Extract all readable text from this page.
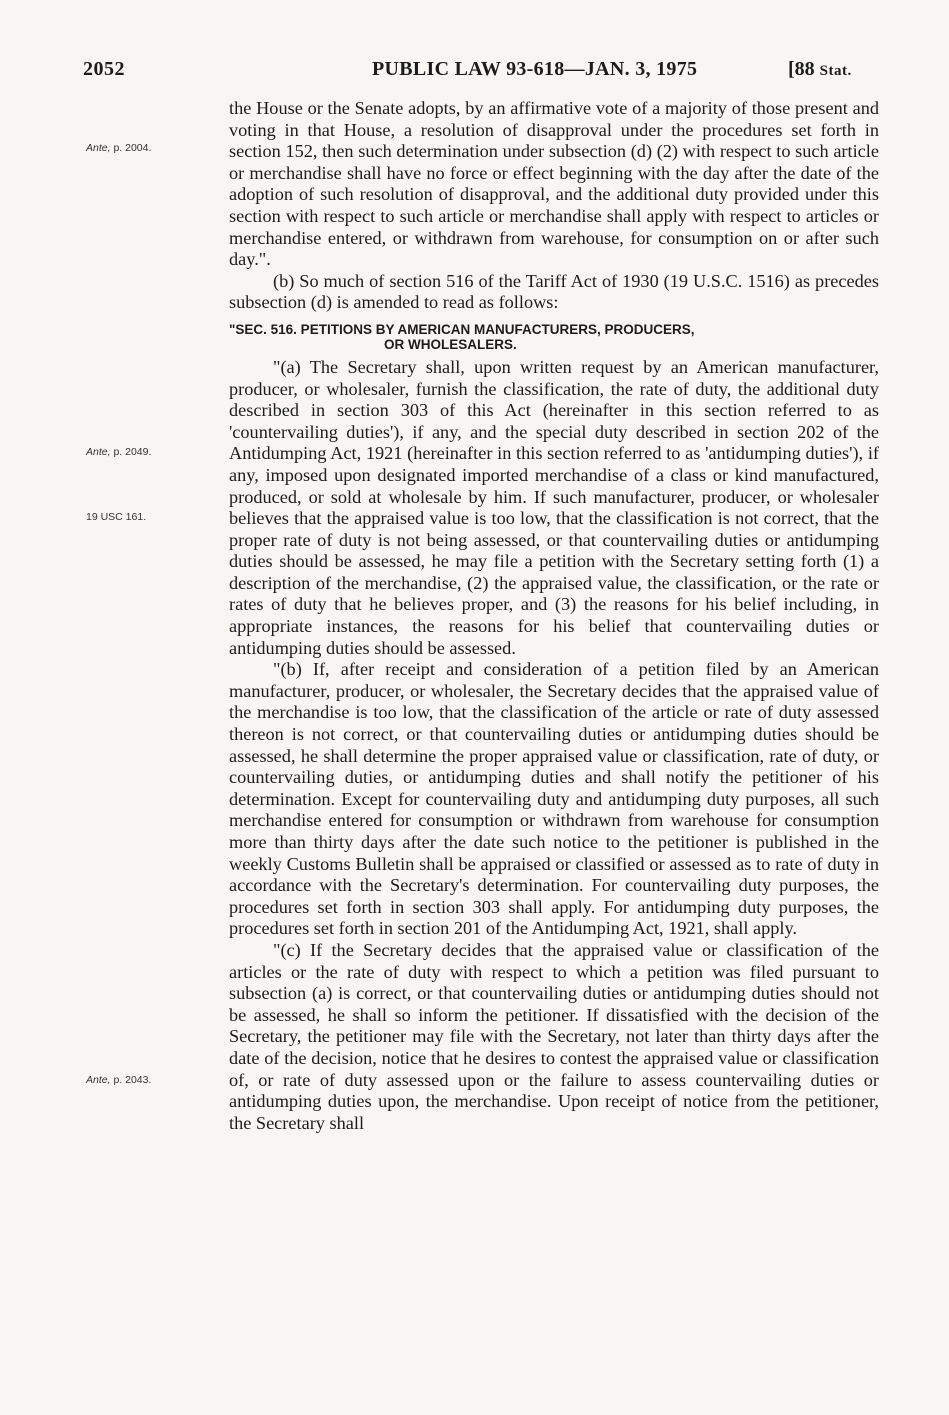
2052	PUBLIC LAW 93-618—JAN. 3, 1975	[88 Stat.
Ante, p. 2004.
Ante, p. 2049.
19 USC 161.
Ante, p. 2043.

the House or the Senate adopts, by an affirmative vote of a majority of those present and voting in that House, a resolution of disapproval under the procedures set forth in section 152, then such determination under subsection (d) (2) with respect to such article or merchandise shall have no force or effect beginning with the day after the date of the adoption of such resolution of disapproval, and the additional duty provided under this section with respect to such article or merchandise shall apply with respect to articles or merchandise entered, or withdrawn from warehouse, for consumption on or after such day.".

(b) So much of section 516 of the Tariff Act of 1930 (19 U.S.C. 1516) as precedes subsection (d) is amended to read as follows:

"SEC. 516. PETITIONS BY AMERICAN MANUFACTURERS, PRODUCERS,
OR WHOLESALERS.

"(a) The Secretary shall, upon written request by an American manufacturer, producer, or wholesaler, furnish the classification, the rate of duty, the additional duty described in section 303 of this Act (hereinafter in this section referred to as 'countervailing duties'), if any, and the special duty described in section 202 of the Antidumping Act, 1921 (hereinafter in this section referred to as 'antidumping duties'), if any, imposed upon designated imported merchandise of a class or kind manufactured, produced, or sold at wholesale by him. If such manufacturer, producer, or wholesaler believes that the appraised value is too low, that the classification is not correct, that the proper rate of duty is not being assessed, or that countervailing duties or antidumping duties should be assessed, he may file a petition with the Secretary setting forth (1) a description of the merchandise, (2) the appraised value, the classification, or the rate or rates of duty that he believes proper, and (3) the reasons for his belief including, in appropriate instances, the reasons for his belief that countervailing duties or antidumping duties should be assessed.

"(b) If, after receipt and consideration of a petition filed by an American manufacturer, producer, or wholesaler, the Secretary decides that the appraised value of the merchandise is too low, that the classification of the article or rate of duty assessed thereon is not correct, or that countervailing duties or antidumping duties should be assessed, he shall determine the proper appraised value or classification, rate of duty, or countervailing duties, or antidumping duties and shall notify the petitioner of his determination. Except for countervailing duty and antidumping duty purposes, all such merchandise entered for consumption or withdrawn from warehouse for consumption more than thirty days after the date such notice to the petitioner is published in the weekly Customs Bulletin shall be appraised or classified or assessed as to rate of duty in accordance with the Secretary's determination. For countervailing duty purposes, the procedures set forth in section 303 shall apply. For antidumping duty purposes, the procedures set forth in section 201 of the Antidumping Act, 1921, shall apply.

"(c) If the Secretary decides that the appraised value or classification of the articles or the rate of duty with respect to which a petition was filed pursuant to subsection (a) is correct, or that countervailing duties or antidumping duties should not be assessed, he shall so inform the petitioner. If dissatisfied with the decision of the Secretary, the petitioner may file with the Secretary, not later than thirty days after the date of the decision, notice that he desires to contest the appraised value or classification of, or rate of duty assessed upon or the failure to assess countervailing duties or antidumping duties upon, the merchandise. Upon receipt of notice from the petitioner, the Secretary shall
